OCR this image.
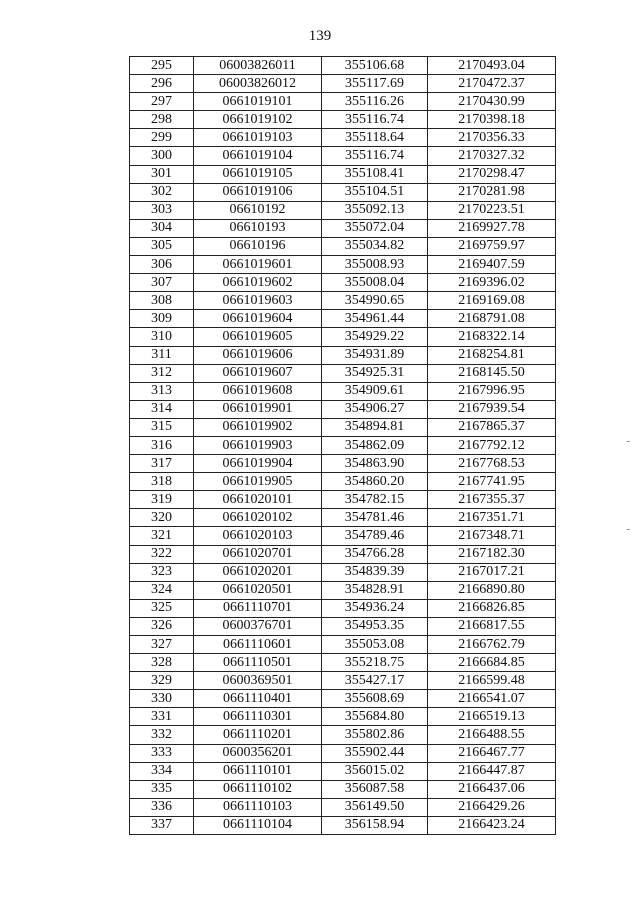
139
295	06003826011	355106.68	2170493.04
296	06003826012	355117.69	2170472.37
297	0661019101	355116.26	2170430.99
298	0661019102	355116.74	2170398.18
299	0661019103	355118.64	2170356.33
300	0661019104	355116.74	2170327.32
301	0661019105	355108.41	2170298.47
302	0661019106	355104.51	2170281.98
303	06610192	355092.13	2170223.51
304	06610193	355072.04	2169927.78
305	06610196	355034.82	2169759.97
306	0661019601	355008.93	2169407.59
307	0661019602	355008.04	2169396.02
308	0661019603	354990.65	2169169.08
309	0661019604	354961.44	2168791.08
310	0661019605	354929.22	2168322.14
311	0661019606	354931.89	2168254.81
312	0661019607	354925.31	2168145.50
313	0661019608	354909.61	2167996.95
314	0661019901	354906.27	2167939.54
315	0661019902	354894.81	2167865.37
316	0661019903	354862.09	2167792.12
317	0661019904	354863.90	2167768.53
318	0661019905	354860.20	2167741.95
319	0661020101	354782.15	2167355.37
320	0661020102	354781.46	2167351.71
321	0661020103	354789.46	2167348.71
322	0661020701	354766.28	2167182.30
323	0661020201	354839.39	2167017.21
324	0661020501	354828.91	2166890.80
325	0661110701	354936.24	2166826.85
326	0600376701	354953.35	2166817.55
327	0661110601	355053.08	2166762.79
328	0661110501	355218.75	2166684.85
329	0600369501	355427.17	2166599.48
330	0661110401	355608.69	2166541.07
331	0661110301	355684.80	2166519.13
332	0661110201	355802.86	2166488.55
333	0600356201	355902.44	2166467.77
334	0661110101	356015.02	2166447.87
335	0661110102	356087.58	2166437.06
336	0661110103	356149.50	2166429.26
337	0661110104	356158.94	2166423.24
-
-
